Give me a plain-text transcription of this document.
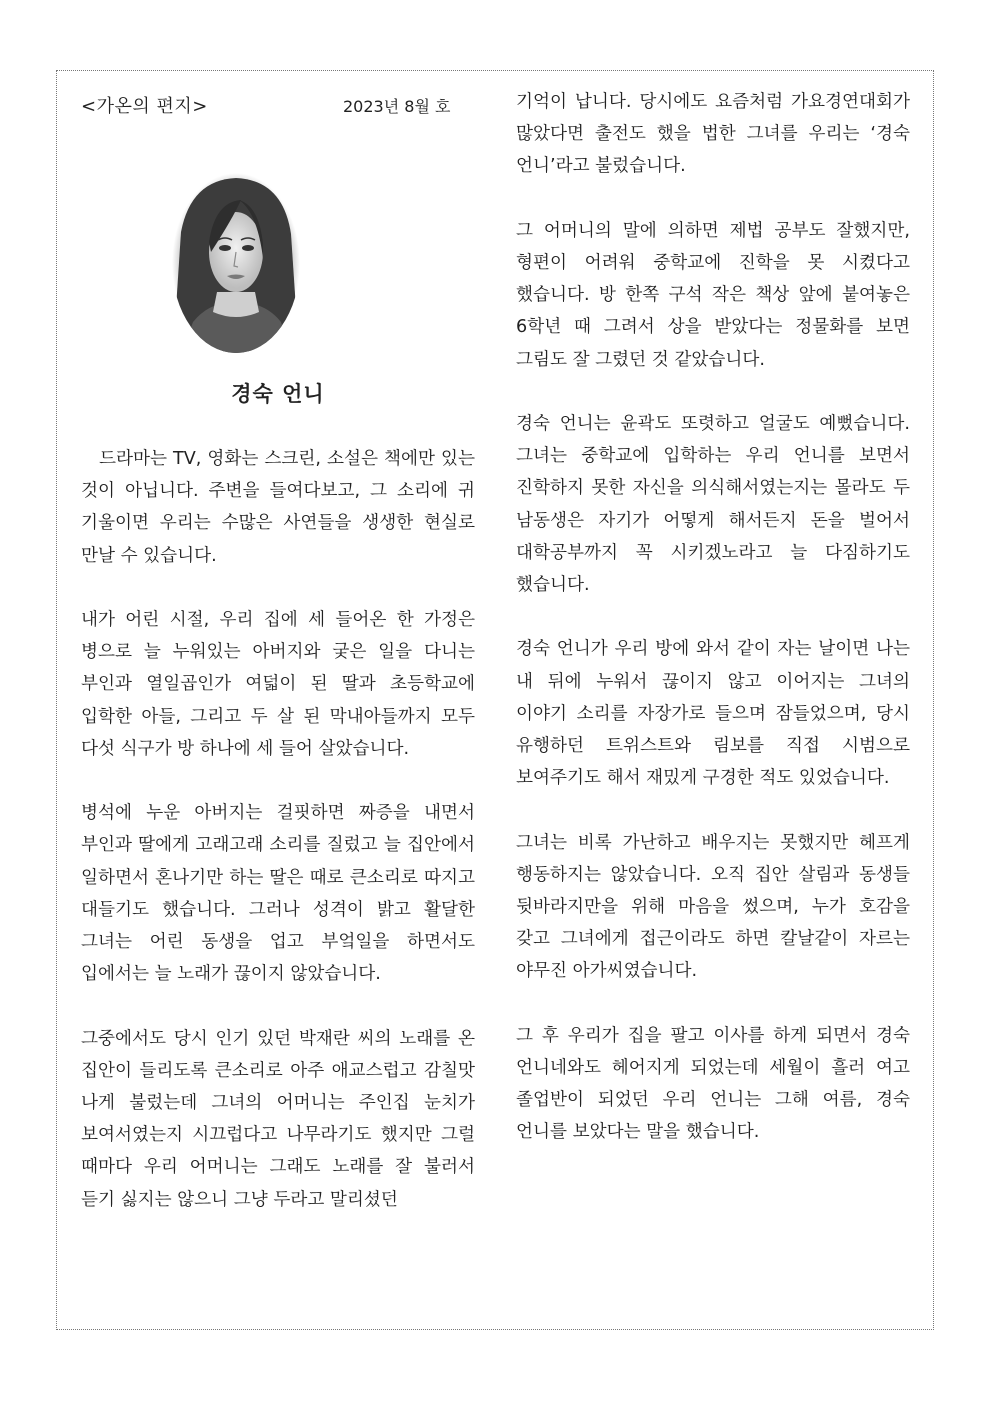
<가온의 편지>	2023년 8월 호
경숙 언니

드라마는 TV, 영화는 스크린, 소설은 책에만 있는 것이 아닙니다. 주변을 들여다보고, 그 소리에 귀 기울이면 우리는 수많은 사연들을 생생한 현실로 만날 수 있습니다.

내가 어린 시절, 우리 집에 세 들어온 한 가정은 병으로 늘 누워있는 아버지와 궂은 일을 다니는 부인과 열일곱인가 여덟이 된 딸과 초등학교에 입학한 아들, 그리고 두 살 된 막내아들까지 모두 다섯 식구가 방 하나에 세 들어 살았습니다.

병석에 누운 아버지는 걸핏하면 짜증을 내면서 부인과 딸에게 고래고래 소리를 질렀고 늘 집안에서 일하면서 혼나기만 하는 딸은 때로 큰소리로 따지고 대들기도 했습니다. 그러나 성격이 밝고 활달한 그녀는 어린 동생을 업고 부엌일을 하면서도 입에서는 늘 노래가 끊이지 않았습니다.

그중에서도 당시 인기 있던 박재란 씨의 노래를 온 집안이 들리도록 큰소리로 아주 애교스럽고 감칠맛 나게 불렀는데 그녀의 어머니는 주인집 눈치가 보여서였는지 시끄럽다고 나무라기도 했지만 그럴 때마다 우리 어머니는 그래도 노래를 잘 불러서 듣기 싫지는 않으니 그냥 두라고 말리셨던

기억이 납니다. 당시에도 요즘처럼 가요경연대회가 많았다면 출전도 했을 법한 그녀를 우리는 ‘경숙 언니’라고 불렀습니다.

그 어머니의 말에 의하면 제법 공부도 잘했지만, 형편이 어려워 중학교에 진학을 못 시켰다고 했습니다. 방 한쪽 구석 작은 책상 앞에 붙여놓은 6학년 때 그려서 상을 받았다는 정물화를 보면 그림도 잘 그렸던 것 같았습니다.

경숙 언니는 윤곽도 또렷하고 얼굴도 예뻤습니다. 그녀는 중학교에 입학하는 우리 언니를 보면서 진학하지 못한 자신을 의식해서였는지는 몰라도 두 남동생은 자기가 어떻게 해서든지 돈을 벌어서 대학공부까지 꼭 시키겠노라고 늘 다짐하기도 했습니다.

경숙 언니가 우리 방에 와서 같이 자는 날이면 나는 내 뒤에 누워서 끊이지 않고 이어지는 그녀의 이야기 소리를 자장가로 들으며 잠들었으며, 당시 유행하던 트위스트와 림보를 직접 시범으로 보여주기도 해서 재밌게 구경한 적도 있었습니다.

그녀는 비록 가난하고 배우지는 못했지만 헤프게 행동하지는 않았습니다. 오직 집안 살림과 동생들 뒷바라지만을 위해 마음을 썼으며, 누가 호감을 갖고 그녀에게 접근이라도 하면 칼날같이 자르는 야무진 아가씨였습니다.

그 후 우리가 집을 팔고 이사를 하게 되면서 경숙 언니네와도 헤어지게 되었는데 세월이 흘러 여고 졸업반이 되었던 우리 언니는 그해 여름, 경숙 언니를 보았다는 말을 했습니다.
